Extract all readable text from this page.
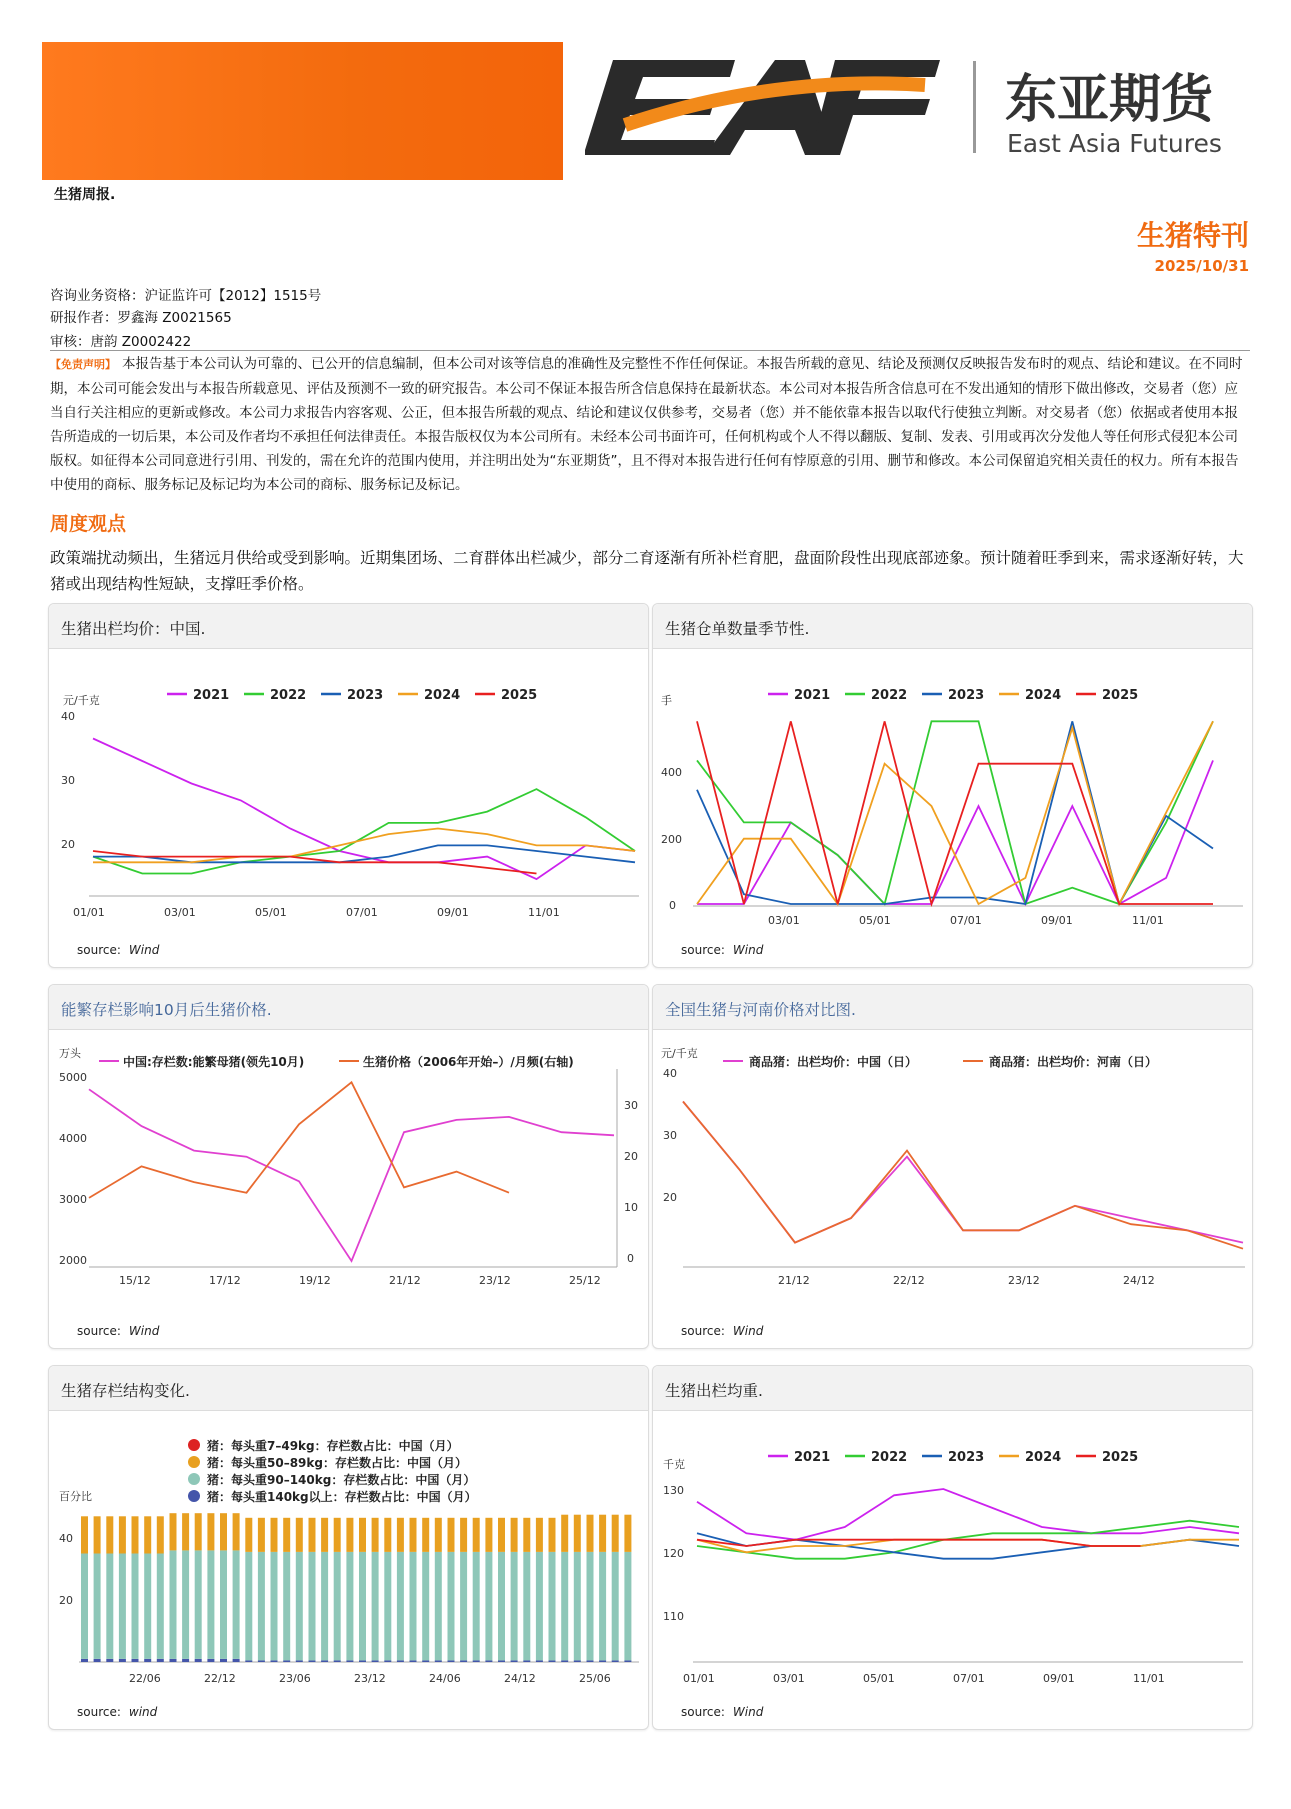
东亚期货
East Asia Futures
生猪周报.
生猪特刊
2025/10/31
咨询业务资格：沪证监许可【2012】1515号
研报作者：罗鑫海 Z0021565
审核：唐韵 Z0002422
【免责声明】 本报告基于本公司认为可靠的、已公开的信息编制，但本公司对该等信息的准确性及完整性不作任何保证。本报告所载的意见、结论及预测仅反映报告发布时的观点、结论和建议。在不同时期，本公司可能会发出与本报告所载意见、评估及预测不一致的研究报告。本公司不保证本报告所含信息保持在最新状态。本公司对本报告所含信息可在不发出通知的情形下做出修改，交易者（您）应当自行关注相应的更新或修改。本公司力求报告内容客观、公正，但本报告所载的观点、结论和建议仅供参考，交易者（您）并不能依靠本报告以取代行使独立判断。对交易者（您）依据或者使用本报告所造成的一切后果，本公司及作者均不承担任何法律责任。本报告版权仅为本公司所有。未经本公司书面许可，任何机构或个人不得以翻版、复制、发表、引用或再次分发他人等任何形式侵犯本公司版权。如征得本公司同意进行引用、刊发的，需在允许的范围内使用，并注明出处为“东亚期货”，且不得对本报告进行任何有悖原意的引用、删节和修改。本公司保留追究相关责任的权力。所有本报告中使用的商标、服务标记及标记均为本公司的商标、服务标记及标记。
周度观点
政策端扰动频出，生猪远月供给或受到影响。近期集团场、二育群体出栏减少，部分二育逐渐有所补栏育肥，盘面阶段性出现底部迹象。预计随着旺季到来，需求逐渐好转，大猪或出现结构性短缺，支撑旺季价格。
生猪出栏均价：中国.
元/千克	2021	2022	2023	2024	2025
40
30
20
01/01	03/01	05/01	07/01	09/01	11/01
source: Wind
生猪仓单数量季节性.
手	2021	2022	2023	2024	2025
400
200
0
03/01	05/01	07/01	09/01	11/01
source: Wind
能繁存栏影响10月后生猪价格.
万头
中国:存栏数:能繁母猪(领先10月)	生猪价格（2006年开始–）/月频(右轴)
5000
4000
3000
2000
30
20
10
0
15/12	17/12	19/12	21/12	23/12	25/12
source: Wind
全国生猪与河南价格对比图.
元/千克
商品猪：出栏均价：中国（日）	商品猪：出栏均价：河南（日）
40
30
20
21/12	22/12	23/12	24/12
source: Wind
生猪存栏结构变化.
猪：每头重7–49kg：存栏数占比：中国（月）
猪：每头重50–89kg：存栏数占比：中国（月）
猪：每头重90–140kg：存栏数占比：中国（月）
猪：每头重140kg以上：存栏数占比：中国（月）
百分比
40
20
22/06	22/12	23/06	23/12	24/06	24/12	25/06
source: wind
生猪出栏均重.
千克	2021	2022	2023	2024	2025
130
120
110
01/01	03/01	05/01	07/01	09/01	11/01
source: Wind
